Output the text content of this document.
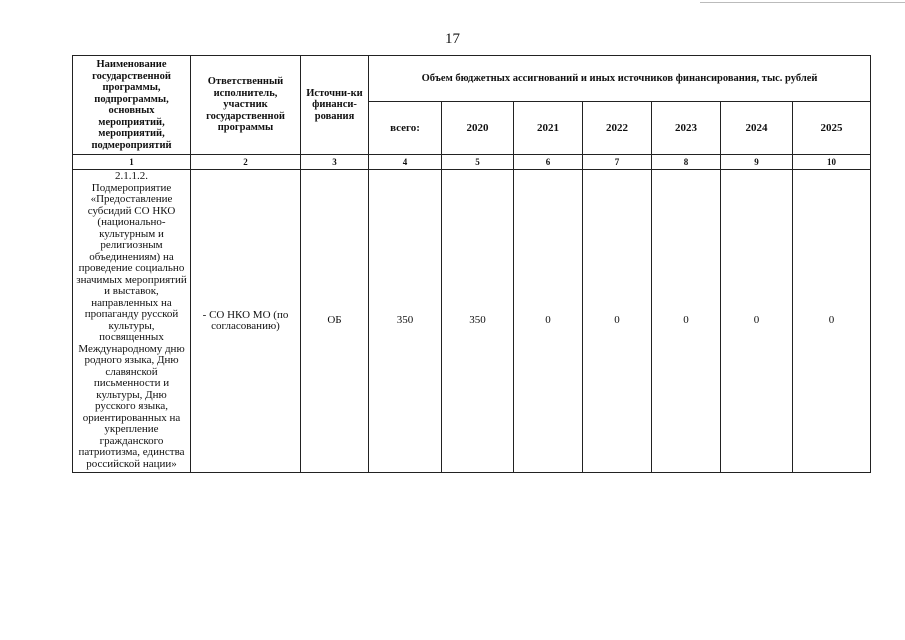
17
Наименование государственной программы, подпрограммы, основных мероприятий, мероприятий, подмероприятий	Ответственный исполнитель, участник государственной программы	Источни-ки финанси-рования	Объем бюджетных ассигнований и иных источников финансирования, тыс. рублей						
			всего:	2020	2021	2022	2023	2024	2025
1	2	3	4	5	6	7	8	9	10
2.1.1.2. Подмероприятие «Предоставление субсидий СО НКО (национально-культурным и религиозным объединениям) на проведение социально значимых мероприятий и выставок, направленных на пропаганду русской культуры, посвященных Международному дню родного языка, Дню славянской письменности и культуры, Дню русского языка, ориентированных на укрепление гражданского патриотизма, единства российской нации»	- СО НКО МО (по согласованию)	ОБ	350	350	0	0	0	0	0
